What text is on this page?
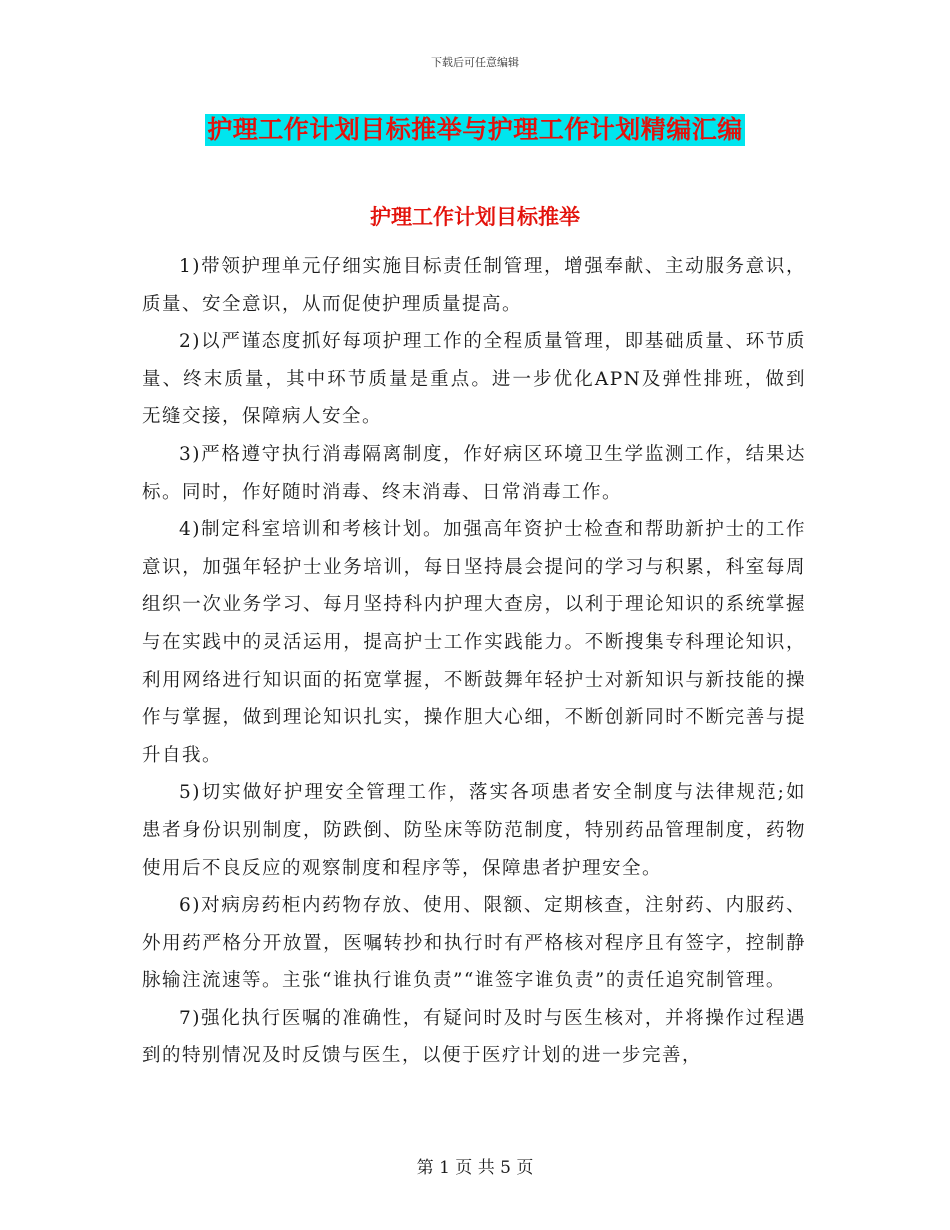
下载后可任意编辑
护理工作计划目标推举与护理工作计划精编汇编
护理工作计划目标推举

1)带领护理单元仔细实施目标责任制管理，增强奉献、主动服务意识，质量、安全意识，从而促使护理质量提高。

2)以严谨态度抓好每项护理工作的全程质量管理，即基础质量、环节质量、终末质量，其中环节质量是重点。进一步优化APN及弹性排班，做到无缝交接，保障病人安全。

3)严格遵守执行消毒隔离制度，作好病区环境卫生学监测工作，结果达标。同时，作好随时消毒、终末消毒、日常消毒工作。

4)制定科室培训和考核计划。加强高年资护士检查和帮助新护士的工作意识，加强年轻护士业务培训，每日坚持晨会提问的学习与积累，科室每周组织一次业务学习、每月坚持科内护理大查房，以利于理论知识的系统掌握与在实践中的灵活运用，提高护士工作实践能力。不断搜集专科理论知识，利用网络进行知识面的拓宽掌握，不断鼓舞年轻护士对新知识与新技能的操作与掌握，做到理论知识扎实，操作胆大心细，不断创新同时不断完善与提升自我。

5)切实做好护理安全管理工作，落实各项患者安全制度与法律规范;如患者身份识别制度，防跌倒、防坠床等防范制度，特别药品管理制度，药物使用后不良反应的观察制度和程序等，保障患者护理安全。

6)对病房药柜内药物存放、使用、限额、定期核查，注射药、内服药、外用药严格分开放置，医嘱转抄和执行时有严格核对程序且有签字，控制静脉输注流速等。主张“谁执行谁负责”“谁签字谁负责”的责任追究制管理。

7)强化执行医嘱的准确性，有疑问时及时与医生核对，并将操作过程遇到的特别情况及时反馈与医生，以便于医疗计划的进一步完善，

第 1 页 共 5 页
